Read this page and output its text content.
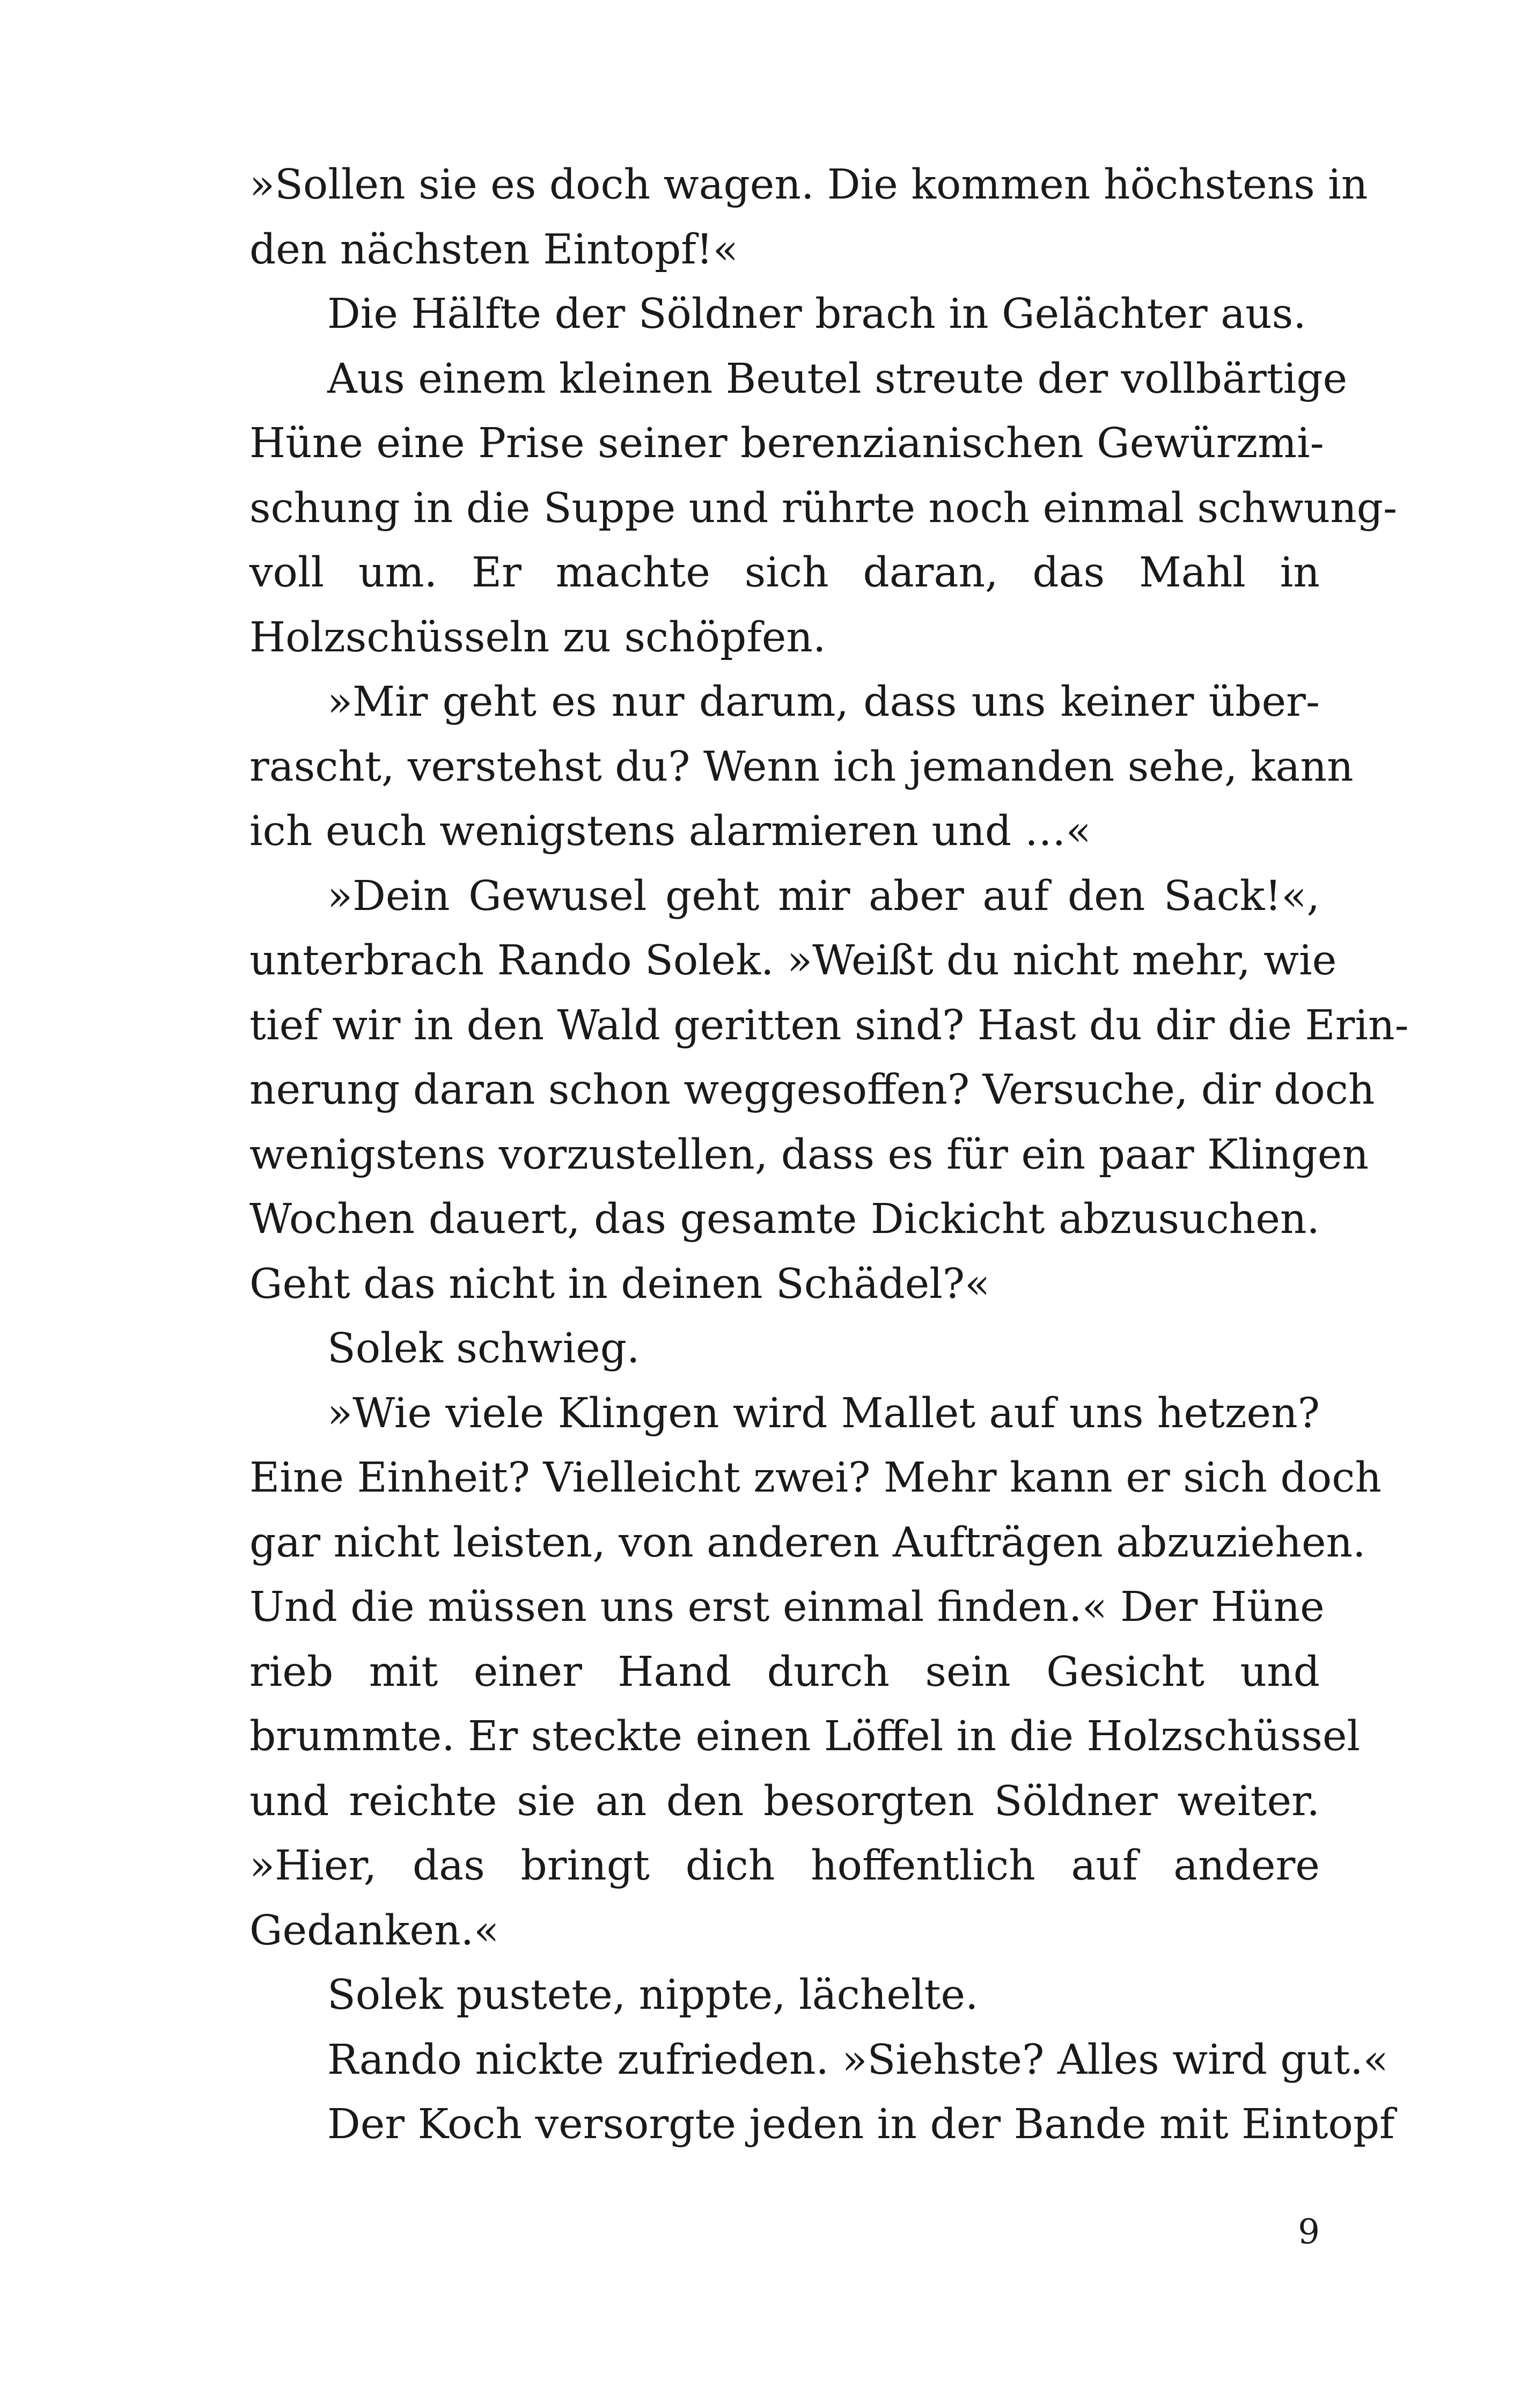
»Sollen sie es doch wagen. Die kommen höchstens in
den nächsten Eintopf!«
Die Hälfte der Söldner brach in Gelächter aus.
Aus einem kleinen Beutel streute der vollbärtige
Hüne eine Prise seiner berenzianischen Gewürzmi-
schung in die Suppe und rührte noch einmal schwung-
voll um. Er machte sich daran, das Mahl in
Holzschüsseln zu schöpfen.
»Mir geht es nur darum, dass uns keiner über-
rascht, verstehst du? Wenn ich jemanden sehe, kann
ich euch wenigstens alarmieren und …«
»Dein Gewusel geht mir aber auf den Sack!«,
unterbrach Rando Solek. »Weißt du nicht mehr, wie
tief wir in den Wald geritten sind? Hast du dir die Erin-
nerung daran schon weggesoffen? Versuche, dir doch
wenigstens vorzustellen, dass es für ein paar Klingen
Wochen dauert, das gesamte Dickicht abzusuchen.
Geht das nicht in deinen Schädel?«
Solek schwieg.
»Wie viele Klingen wird Mallet auf uns hetzen?
Eine Einheit? Vielleicht zwei? Mehr kann er sich doch
gar nicht leisten, von anderen Aufträgen abzuziehen.
Und die müssen uns erst einmal finden.« Der Hüne
rieb mit einer Hand durch sein Gesicht und
brummte. Er steckte einen Löffel in die Holzschüssel
und reichte sie an den besorgten Söldner weiter.
»Hier, das bringt dich hoffentlich auf andere
Gedanken.«
Solek pustete, nippte, lächelte.
Rando nickte zufrieden. »Siehste? Alles wird gut.«
Der Koch versorgte jeden in der Bande mit Eintopf
9
